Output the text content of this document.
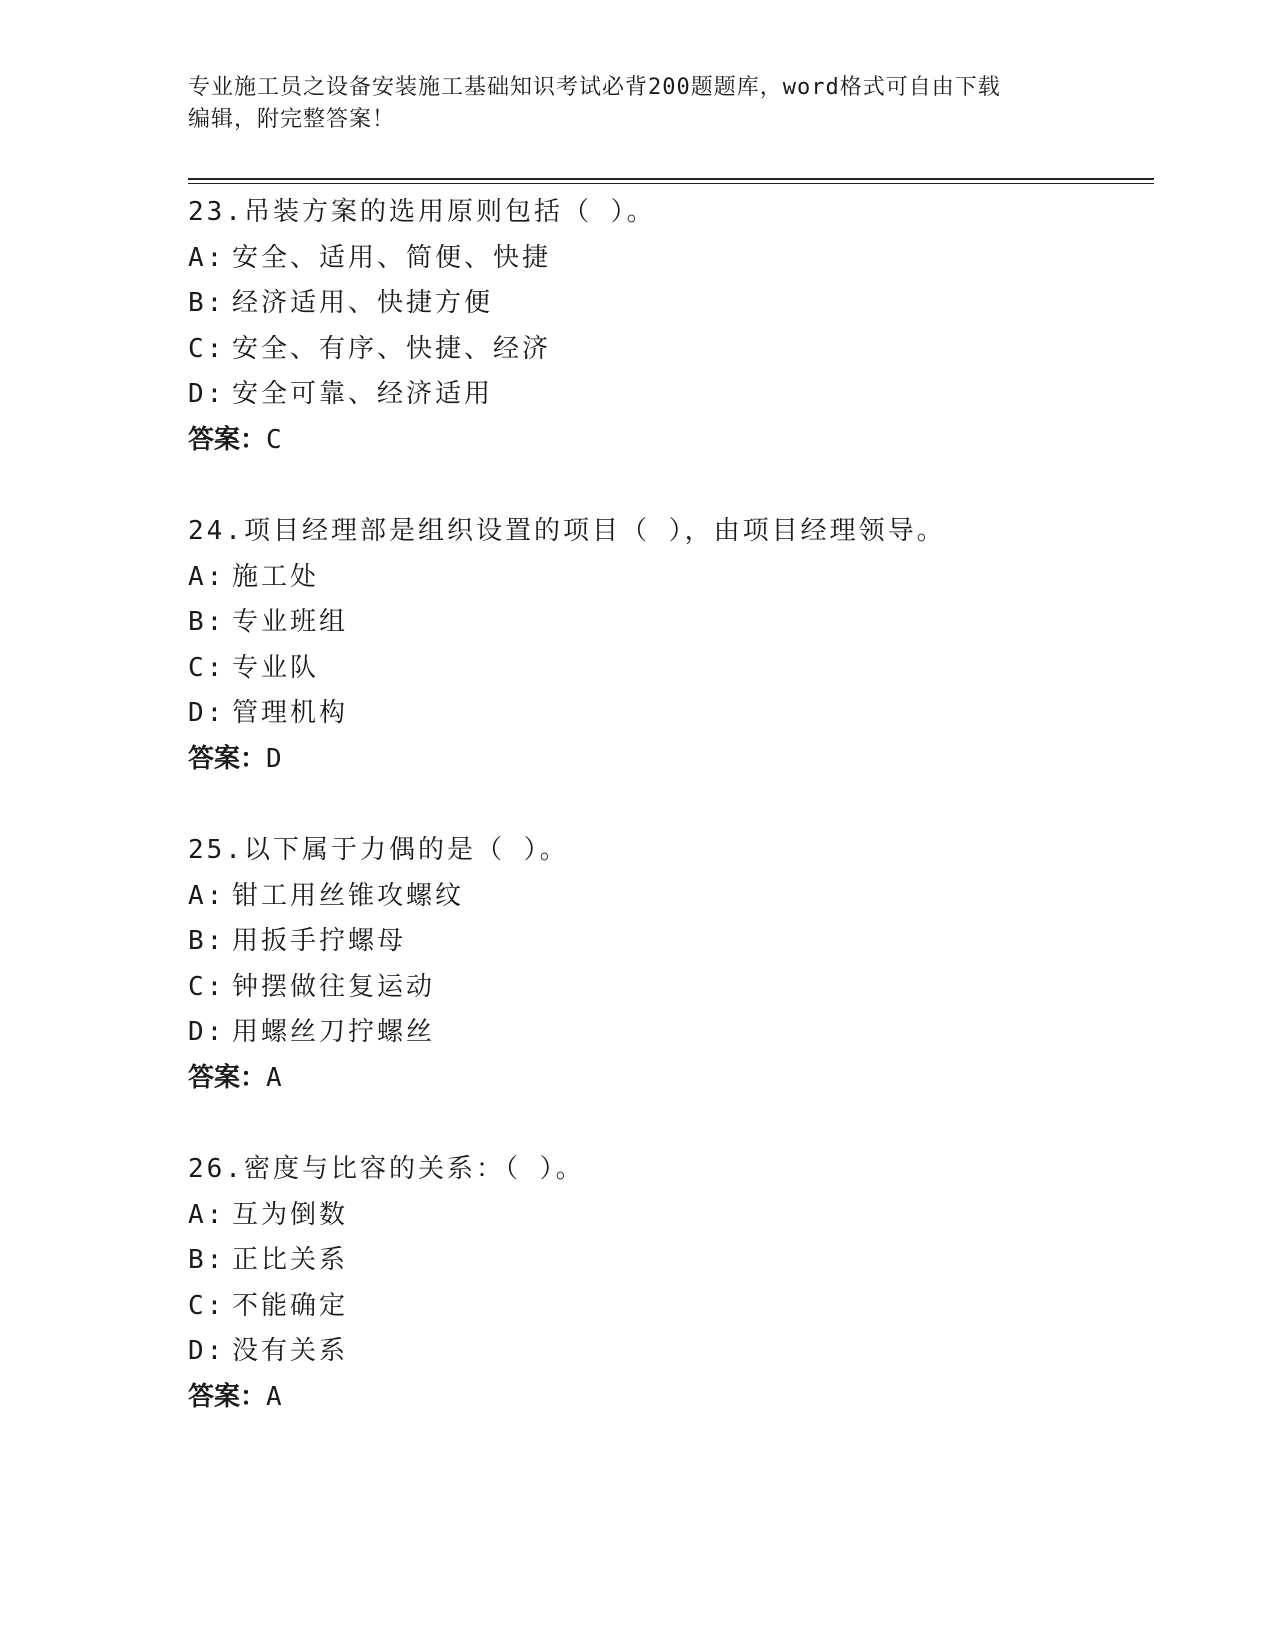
专业施工员之设备安装施工基础知识考试必背200题题库，word格式可自由下载
编辑，附完整答案！
23.吊装方案的选用原则包括（ ）。
A: 安全、适用、简便、快捷
B: 经济适用、快捷方便
C: 安全、有序、快捷、经济
D: 安全可靠、经济适用
答案：C
24.项目经理部是组织设置的项目（ ），由项目经理领导。
A: 施工处
B: 专业班组
C: 专业队
D: 管理机构
答案：D
25.以下属于力偶的是（ ）。
A: 钳工用丝锥攻螺纹
B: 用扳手拧螺母
C: 钟摆做往复运动
D: 用螺丝刀拧螺丝
答案：A
26.密度与比容的关系：（ ）。
A: 互为倒数
B: 正比关系
C: 不能确定
D: 没有关系
答案：A
